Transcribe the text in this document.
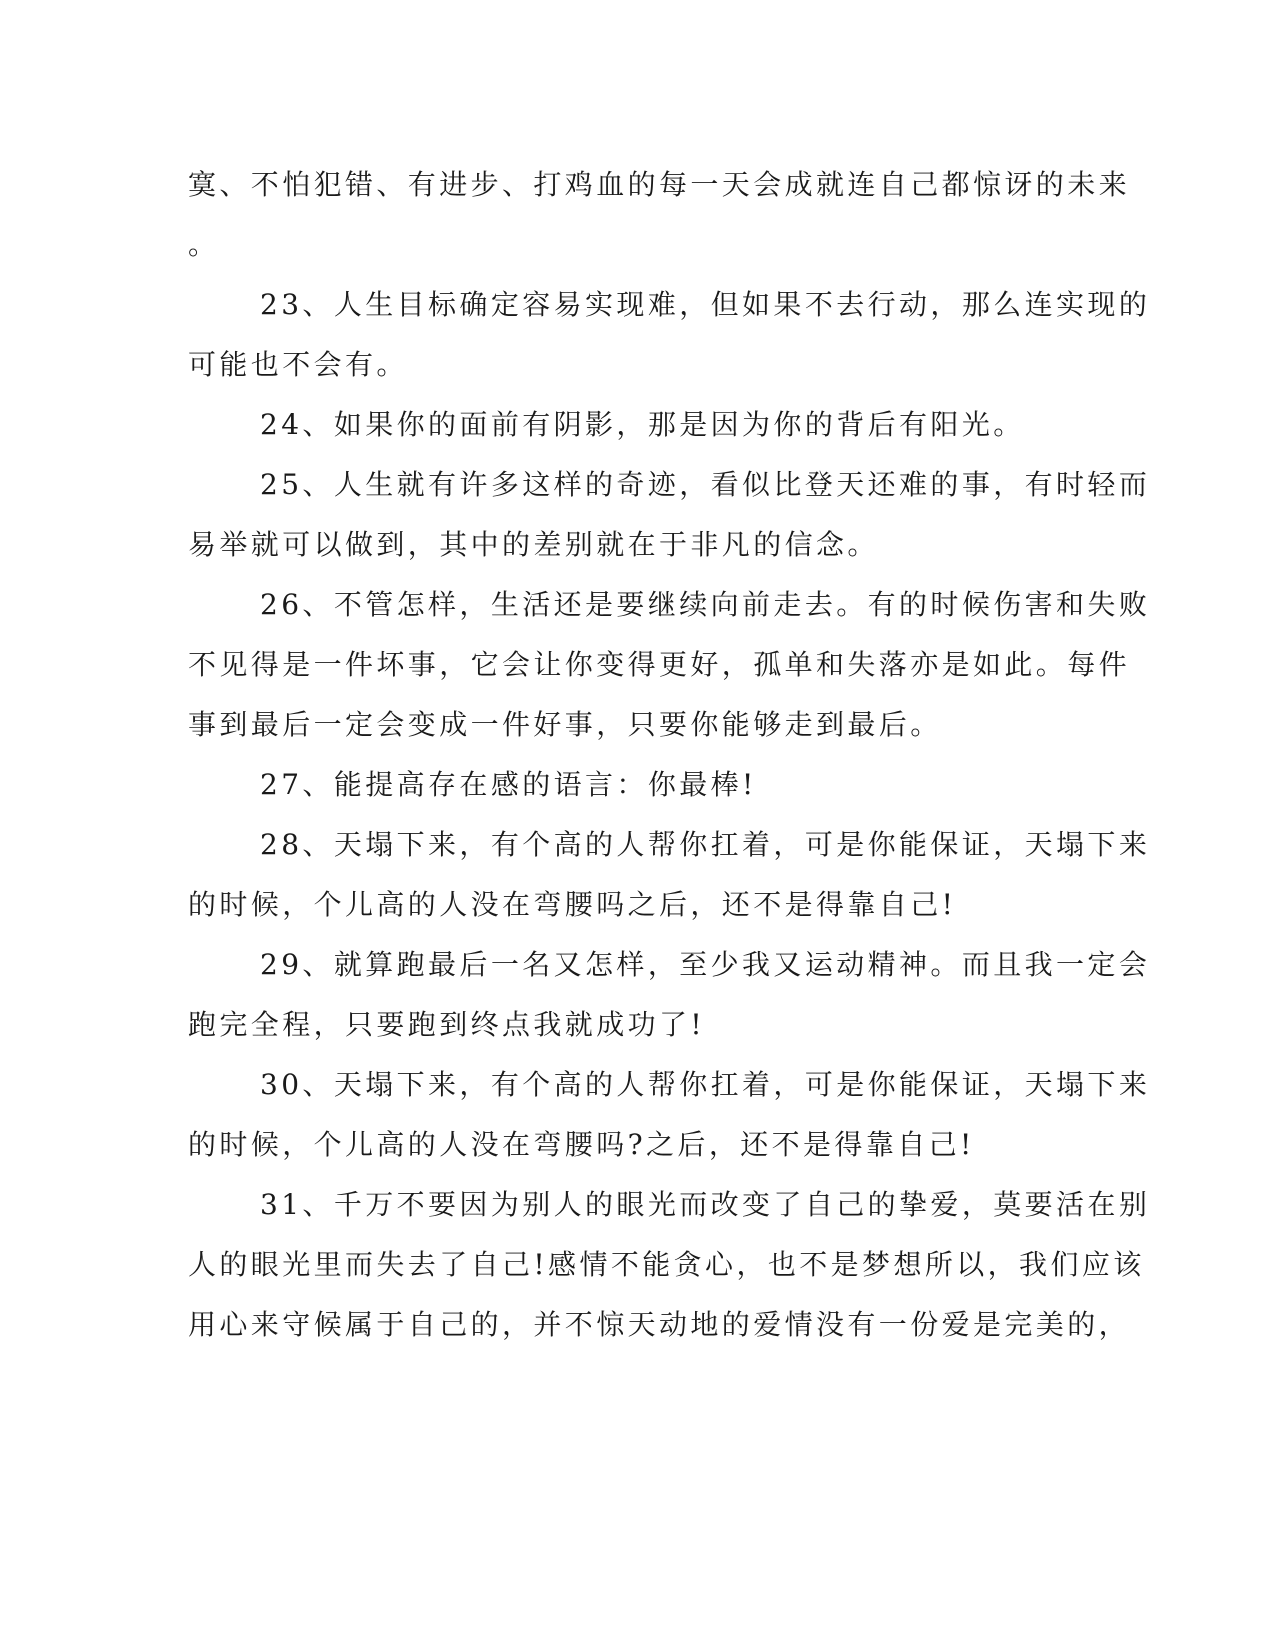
寞、不怕犯错、有进步、打鸡血的每一天会成就连自己都惊讶的未来
。
23、人生目标确定容易实现难，但如果不去行动，那么连实现的
可能也不会有。
24、如果你的面前有阴影，那是因为你的背后有阳光。
25、人生就有许多这样的奇迹，看似比登天还难的事，有时轻而
易举就可以做到，其中的差别就在于非凡的信念。
26、不管怎样，生活还是要继续向前走去。有的时候伤害和失败
不见得是一件坏事，它会让你变得更好，孤单和失落亦是如此。每件
事到最后一定会变成一件好事，只要你能够走到最后。
27、能提高存在感的语言：你最棒!
28、天塌下来，有个高的人帮你扛着，可是你能保证，天塌下来
的时候，个儿高的人没在弯腰吗之后，还不是得靠自己!
29、就算跑最后一名又怎样，至少我又运动精神。而且我一定会
跑完全程，只要跑到终点我就成功了!
30、天塌下来，有个高的人帮你扛着，可是你能保证，天塌下来
的时候，个儿高的人没在弯腰吗?之后，还不是得靠自己!
31、千万不要因为别人的眼光而改变了自己的挚爱，莫要活在别
人的眼光里而失去了自己!感情不能贪心，也不是梦想所以，我们应该
用心来守候属于自己的，并不惊天动地的爱情没有一份爱是完美的，
